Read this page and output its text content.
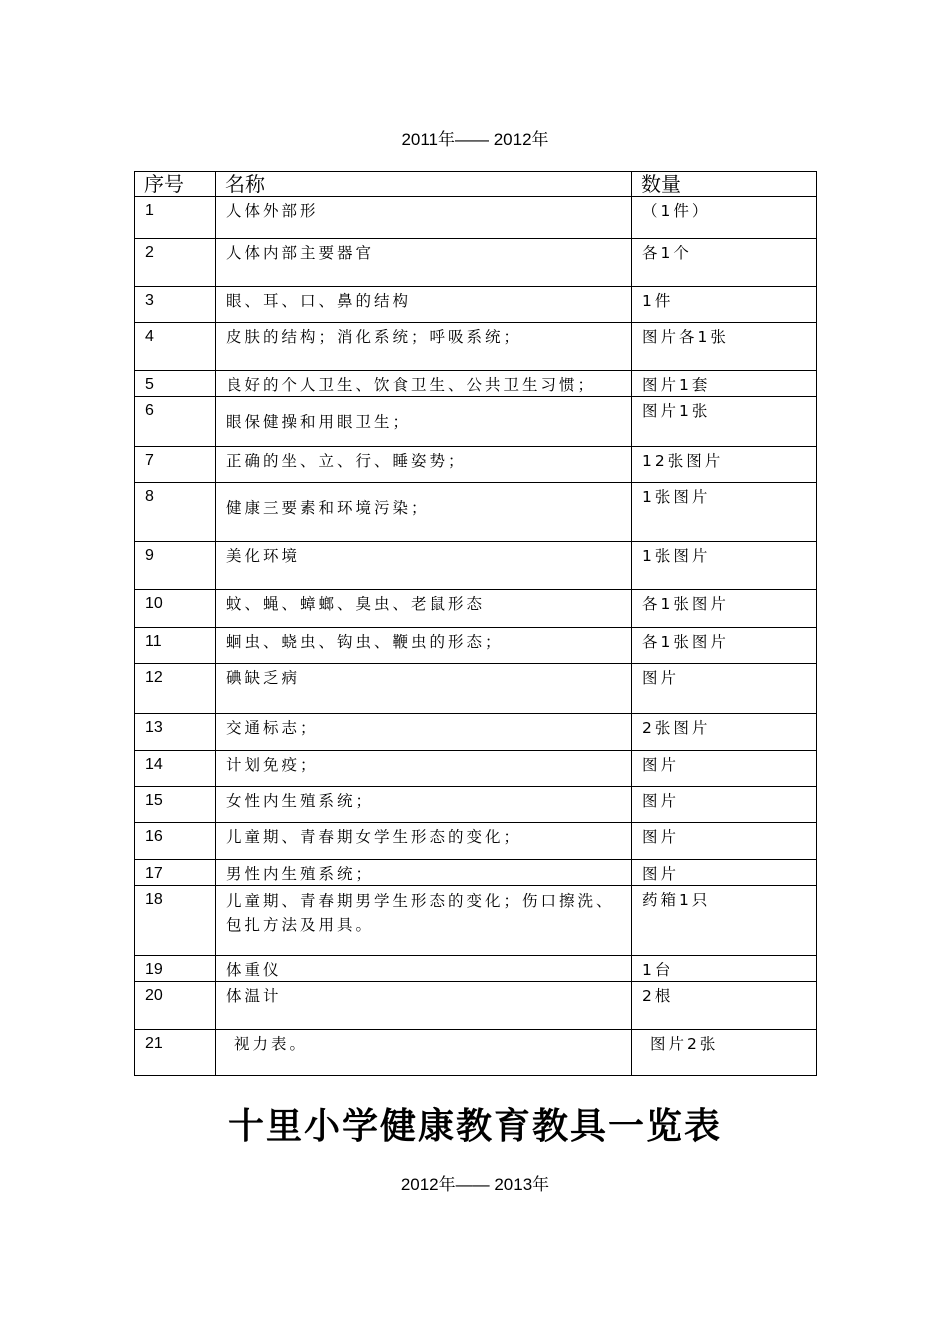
2011年—— 2012年
序号	名称	数量
1	人体外部形	（1件）
2	人体内部主要器官	各1个
3	眼、耳、口、鼻的结构	1件
4	皮肤的结构；消化系统；呼吸系统；	图片各1张
5	良好的个人卫生、饮食卫生、公共卫生习惯；	图片1套
6	眼保健操和用眼卫生；	图片1张
7	正确的坐、立、行、睡姿势；	12张图片
8	健康三要素和环境污染；	1张图片
9	美化环境	1张图片
10	蚊、蝇、蟑螂、臭虫、老鼠形态	各1张图片
11	蛔虫、蛲虫、钩虫、鞭虫的形态；	各1张图片
12	碘缺乏病	图片
13	交通标志；	2张图片
14	计划免疫；	图片
15	女性内生殖系统；	图片
16	儿童期、青春期女学生形态的变化；	图片
17	男性内生殖系统；	图片
18	儿童期、青春期男学生形态的变化；伤口擦洗、包扎方法及用具。	药箱1只
19	体重仪	1台
20	体温计	2根
21	视力表。	图片2张
十里小学健康教育教具一览表
2012年—— 2013年
